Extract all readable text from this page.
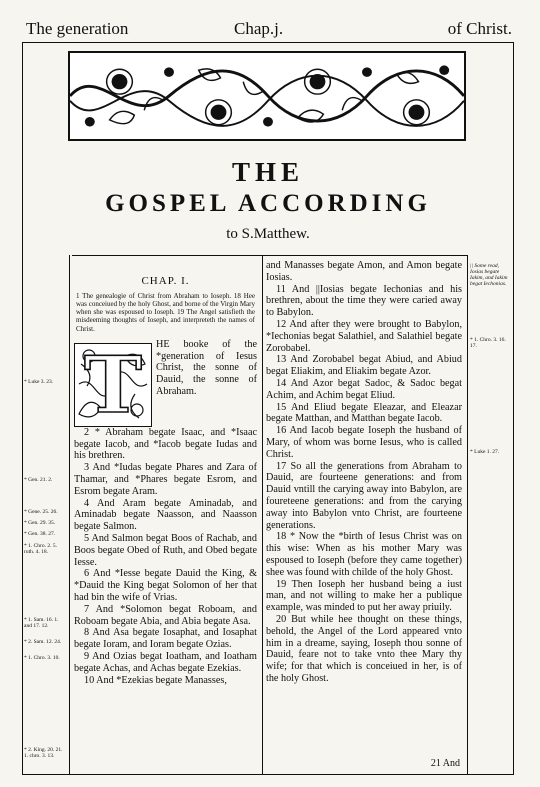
The generation	Chap.j.	of Christ.
THE
GOSPEL ACCORDING
to S.Matthew.
* Luke 3. 23.
* Gen. 21. 2.
* Gene. 25. 26.
* Gen. 29. 35.
* Gen. 38. 27.
* 1. Chro. 2. 5. ruth. 4. 18.
* 1. Sam. 16. 1. and 17. 12.
* 2. Sam. 12. 24.
* 1. Chro. 3. 10.
* 2. King. 20. 21. 1. chro. 3. 13.
|| Some read, Iosias begate Iakim, and Iakim begat Iechonias.
* 1. Chro. 3. 16. 17.
* Luke 1. 27.

CHAP. I.

1 The genealogie of Christ from Abraham to Ioseph. 18 Hee was conceiued by the holy Ghost, and borne of the Virgin Mary when she was espoused to Ioseph. 19 The Angel satisfieth the misdeeming thoughts of Ioseph, and interpreteth the names of Christ.

T	HE booke of the *generation of Iesus Christ, the sonne of Dauid, the sonne of Abraham.

2 * Abraham begate Isaac, and *Isaac begate Iacob, and *Iacob begate Iudas and his brethren.

3 And *Iudas begate Phares and Zara of Thamar, and *Phares begate Esrom, and Esrom begate Aram.

4 And Aram begate Aminadab, and Aminadab begate Naasson, and Naasson begate Salmon.

5 And Salmon begat Boos of Rachab, and Boos begate Obed of Ruth, and Obed begate Iesse.

6 And *Iesse begate Dauid the King, & *Dauid the King begat Solomon of her that had bin the wife of Vrias.

7 And *Solomon begat Roboam, and Roboam begate Abia, and Abia begate Asa.

8 And Asa begate Iosaphat, and Iosaphat begate Ioram, and Ioram begate Ozias.

9 And Ozias begat Ioatham, and Ioatham begate Achas, and Achas begate Ezekias.

10 And *Ezekias begate Manasses,

and Manasses begate Amon, and Amon begate Iosias.

11 And ||Iosias begate Iechonias and his brethren, about the time they were caried away to Babylon.

12 And after they were brought to Babylon, *Iechonias begat Salathiel, and Salathiel begate Zorobabel.

13 And Zorobabel begat Abiud, and Abiud begat Eliakim, and Eliakim begate Azor.

14 And Azor begat Sadoc, & Sadoc begat Achim, and Achim begat Eliud.

15 And Eliud begate Eleazar, and Eleazar begate Matthan, and Matthan begate Iacob.

16 And Iacob begate Ioseph the husband of Mary, of whom was borne Iesus, who is called Christ.

17 So all the generations from Abraham to Dauid, are fourteene generations: and from Dauid vntill the carying away into Babylon, are foureteene generations: and from the carying away into Babylon vnto Christ, are fourteene generations.

18 * Now the *birth of Iesus Christ was on this wise: When as his mother Mary was espoused to Ioseph (before they came together) shee was found with childe of the holy Ghost.

19 Then Ioseph her husband being a iust man, and not willing to make her a publique example, was minded to put her away priuily.

20 But while hee thought on these things, behold, the Angel of the Lord appeared vnto him in a dreame, saying, Ioseph thou sonne of Dauid, feare not to take vnto thee Mary thy wife; for that which is conceiued in her, is of the holy Ghost.

21 And
